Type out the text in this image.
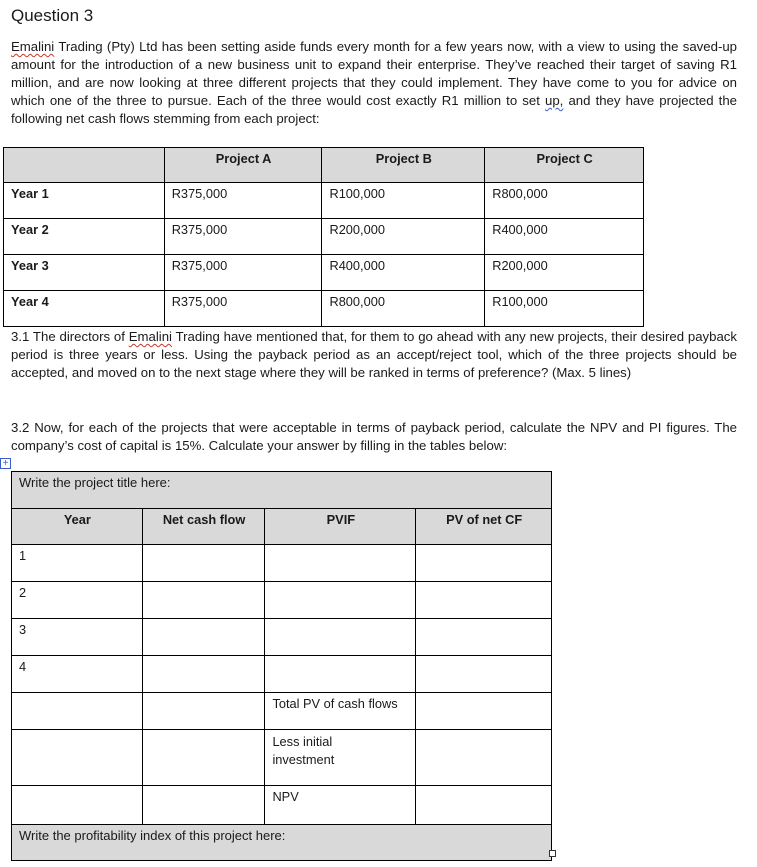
Question 3

Emalini Trading (Pty) Ltd has been setting aside funds every month for a few years now, with a view to using the saved-up amount for the introduction of a new business unit to expand their enterprise. They’ve reached their target of saving R1 million, and are now looking at three different projects that they could implement. They have come to you for advice on which one of the three to pursue. Each of the three would cost exactly R1 million to set up, and they have projected the following net cash flows stemming from each project:

	Project A	Project B	Project C
Year 1	R375,000	R100,000	R800,000
Year 2	R375,000	R200,000	R400,000
Year 3	R375,000	R400,000	R200,000
Year 4	R375,000	R800,000	R100,000

3.1 The directors of Emalini Trading have mentioned that, for them to go ahead with any new projects, their desired payback period is three years or less. Using the payback period as an accept/reject tool, which of the three projects should be accepted, and moved on to the next stage where they will be ranked in terms of preference? (Max. 5 lines)

3.2 Now, for each of the projects that were acceptable in terms of payback period, calculate the NPV and PI figures. The company’s cost of capital is 15%. Calculate your answer by filling in the tables below:

+
Write the project title here:			
Year	Net cash flow	PVIF	PV of net CF
1			
2			
3			
4			
		Total PV of cash flows	
		Less initial investment	
		NPV	
Write the profitability index of this project here:			
